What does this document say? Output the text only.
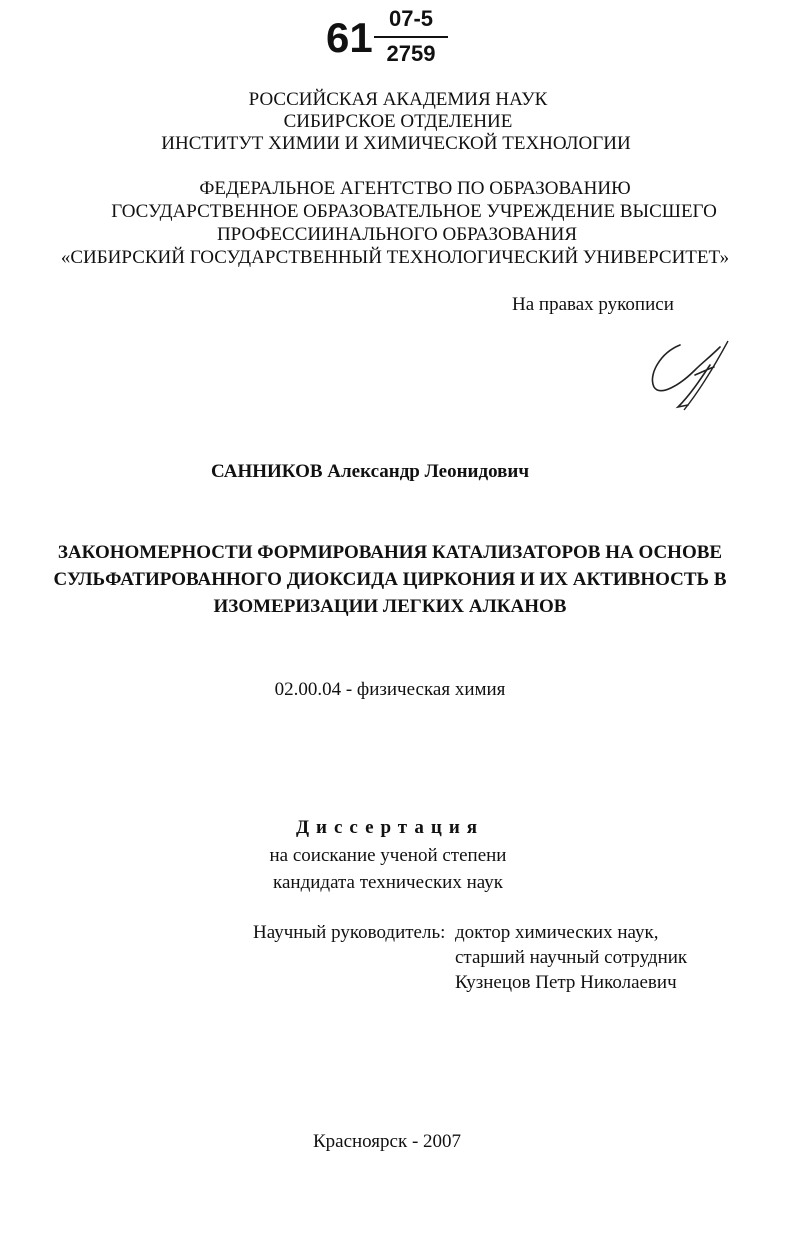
61 07-5
2759
РОССИЙСКАЯ АКАДЕМИЯ НАУК
СИБИРСКОЕ ОТДЕЛЕНИЕ
ИНСТИТУТ ХИМИИ И ХИМИЧЕСКОЙ ТЕХНОЛОГИИ
ФЕДЕРАЛЬНОЕ АГЕНТСТВО ПО ОБРАЗОВАНИЮ
ГОСУДАРСТВЕННОЕ ОБРАЗОВАТЕЛЬНОЕ УЧРЕЖДЕНИЕ ВЫСШЕГО
ПРОФЕССИИНАЛЬНОГО ОБРАЗОВАНИЯ
«СИБИРСКИЙ ГОСУДАРСТВЕННЫЙ ТЕХНОЛОГИЧЕСКИЙ УНИВЕРСИТЕТ»
На правах рукописи
САННИКОВ Александр Леонидович
ЗАКОНОМЕРНОСТИ ФОРМИРОВАНИЯ КАТАЛИЗАТОРОВ НА ОСНОВЕ
СУЛЬФАТИРОВАННОГО ДИОКСИДА ЦИРКОНИЯ И ИХ АКТИВНОСТЬ В
ИЗОМЕРИЗАЦИИ ЛЕГКИХ АЛКАНОВ
02.00.04 - физическая химия
Диссертация
на соискание ученой степени
кандидата технических наук
Научный руководитель: доктор химических наук,
старший научный сотрудник
Кузнецов Петр Николаевич
Красноярск - 2007
